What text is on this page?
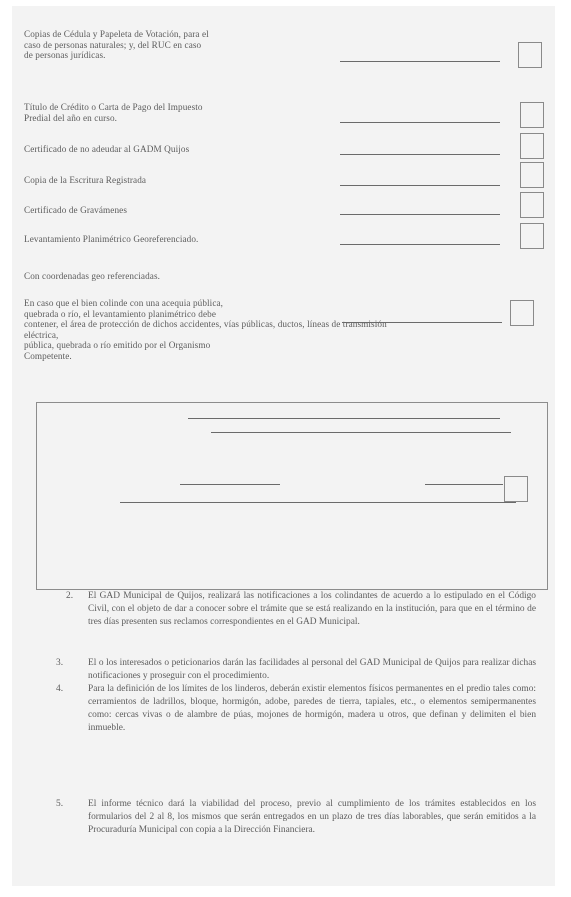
Copias de Cédula y Papeleta de Votación, para el
caso de personas naturales; y, del RUC en caso
de personas jurídicas.
Título de Crédito o Carta de Pago del Impuesto
Predial del año en curso.
Certificado de no adeudar al GADM Quijos
Copia de la Escritura Registrada
Certificado de Gravámenes
Levantamiento Planimétrico Georeferenciado.
Con coordenadas geo referenciadas.
En caso que el bien colinde con una acequia pública,
quebrada o río, el levantamiento planimétrico debe
contener, el área de protección de dichos accidentes, vías públicas, ductos, líneas de transmisión
eléctrica,
pública, quebrada o río emitido por el Organismo
Competente.
2. El GAD Municipal de Quijos, realizará las notificaciones a los colindantes de acuerdo a lo estipulado en el Código Civil, con el objeto de dar a conocer sobre el trámite que se está realizando en la institución, para que en el término de tres días presenten sus reclamos correspondientes en el GAD Municipal.
3.	El o los interesados o peticionarios darán las facilidades al personal del GAD Municipal de Quijos para realizar dichas notificaciones y proseguir con el procedimiento.
4.	Para la definición de los límites de los linderos, deberán existir elementos físicos permanentes en el predio tales como: cerramientos de ladrillos, bloque, hormigón, adobe, paredes de tierra, tapiales, etc., o elementos semipermanentes como: cercas vivas o de alambre de púas, mojones de hormigón, madera u otros, que definan y delimiten el bien inmueble.
5.	El informe técnico dará la viabilidad del proceso, previo al cumplimiento de los trámites establecidos en los formularios del 2 al 8, los mismos que serán entregados en un plazo de tres días laborables, que serán emitidos a la Procuraduría Municipal con copia a la Dirección Financiera.
